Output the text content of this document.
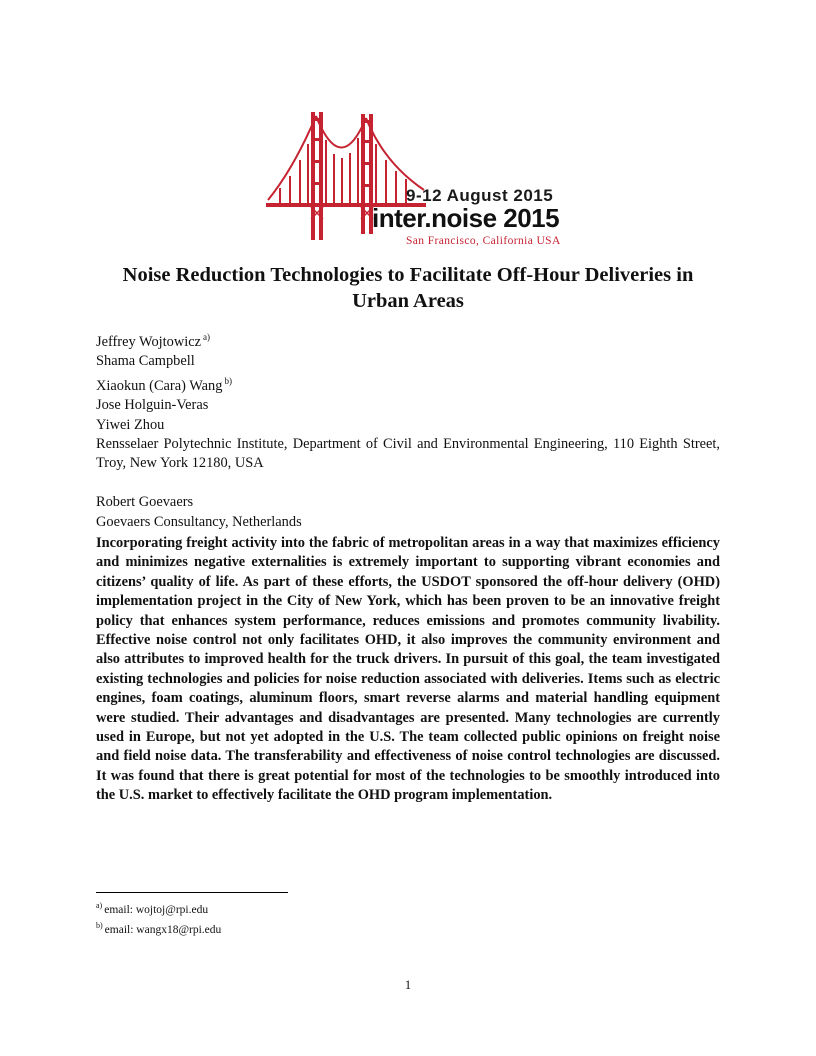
9-12 August 2015
inter.noise 2015
San Francisco, California USA
Noise Reduction Technologies to Facilitate Off-Hour Deliveries in Urban Areas
Jeffrey Wojtowicz $^{a)}$
Shama Campbell
Xiaokun (Cara) Wang $^{b)}$
Jose Holguin-Veras
Yiwei Zhou
Rensselaer Polytechnic Institute, Department of Civil and Environmental Engineering, 110 Eighth Street, Troy, New York 12180, USA
Robert Goevaers
Goevaers Consultancy, Netherlands

Incorporating freight activity into the fabric of metropolitan areas in a way that maximizes efficiency and minimizes negative externalities is extremely important to supporting vibrant economies and citizens’ quality of life. As part of these efforts, the USDOT sponsored the off-hour delivery (OHD) implementation project in the City of New York, which has been proven to be an innovative freight policy that enhances system performance, reduces emissions and promotes community livability. Effective noise control not only facilitates OHD, it also improves the community environment and also attributes to improved health for the truck drivers. In pursuit of this goal, the team investigated existing technologies and policies for noise reduction associated with deliveries. Items such as electric engines, foam coatings, aluminum floors, smart reverse alarms and material handling equipment were studied. Their advantages and disadvantages are presented. Many technologies are currently used in Europe, but not yet adopted in the U.S. The team collected public opinions on freight noise and field noise data. The transferability and effectiveness of noise control technologies are discussed. It was found that there is great potential for most of the technologies to be smoothly introduced into the U.S. market to effectively facilitate the OHD program implementation.

$^{a)}$ email: wojtoj@rpi.edu
$^{b)}$ email: wangx18@rpi.edu
1
